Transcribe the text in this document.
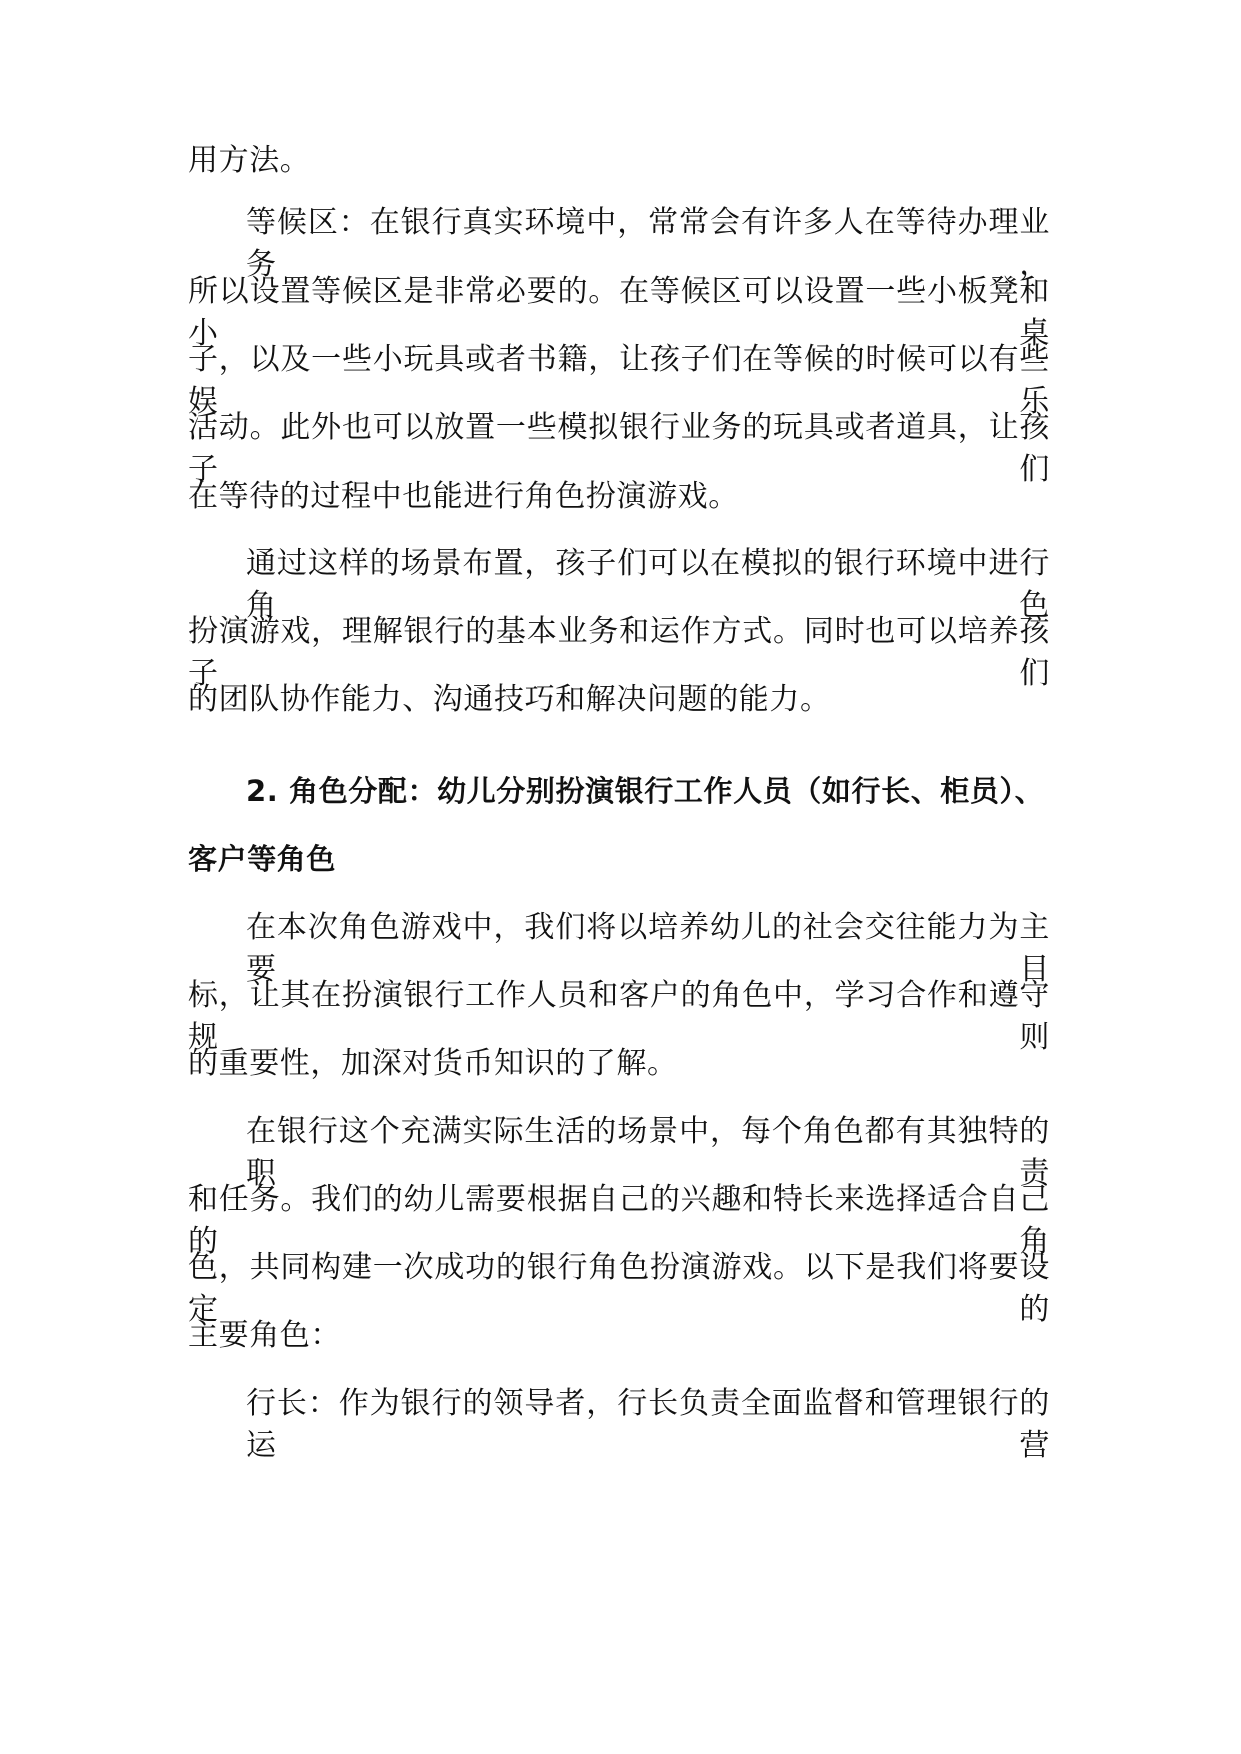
用方法。

等候区：在银行真实环境中，常常会有许多人在等待办理业务，

所以设置等候区是非常必要的。在等候区可以设置一些小板凳和小桌

子，以及一些小玩具或者书籍，让孩子们在等候的时候可以有些娱乐

活动。此外也可以放置一些模拟银行业务的玩具或者道具，让孩子们

在等待的过程中也能进行角色扮演游戏。

通过这样的场景布置，孩子们可以在模拟的银行环境中进行角色

扮演游戏，理解银行的基本业务和运作方式。同时也可以培养孩子们

的团队协作能力、沟通技巧和解决问题的能力。

2. 角色分配：幼儿分别扮演银行工作人员（如行长、柜员）、

客户等角色

在本次角色游戏中，我们将以培养幼儿的社会交往能力为主要目

标，让其在扮演银行工作人员和客户的角色中，学习合作和遵守规则

的重要性，加深对货币知识的了解。

在银行这个充满实际生活的场景中，每个角色都有其独特的职责

和任务。我们的幼儿需要根据自己的兴趣和特长来选择适合自己的角

色，共同构建一次成功的银行角色扮演游戏。以下是我们将要设定的

主要角色：

行长：作为银行的领导者，行长负责全面监督和管理银行的运营
